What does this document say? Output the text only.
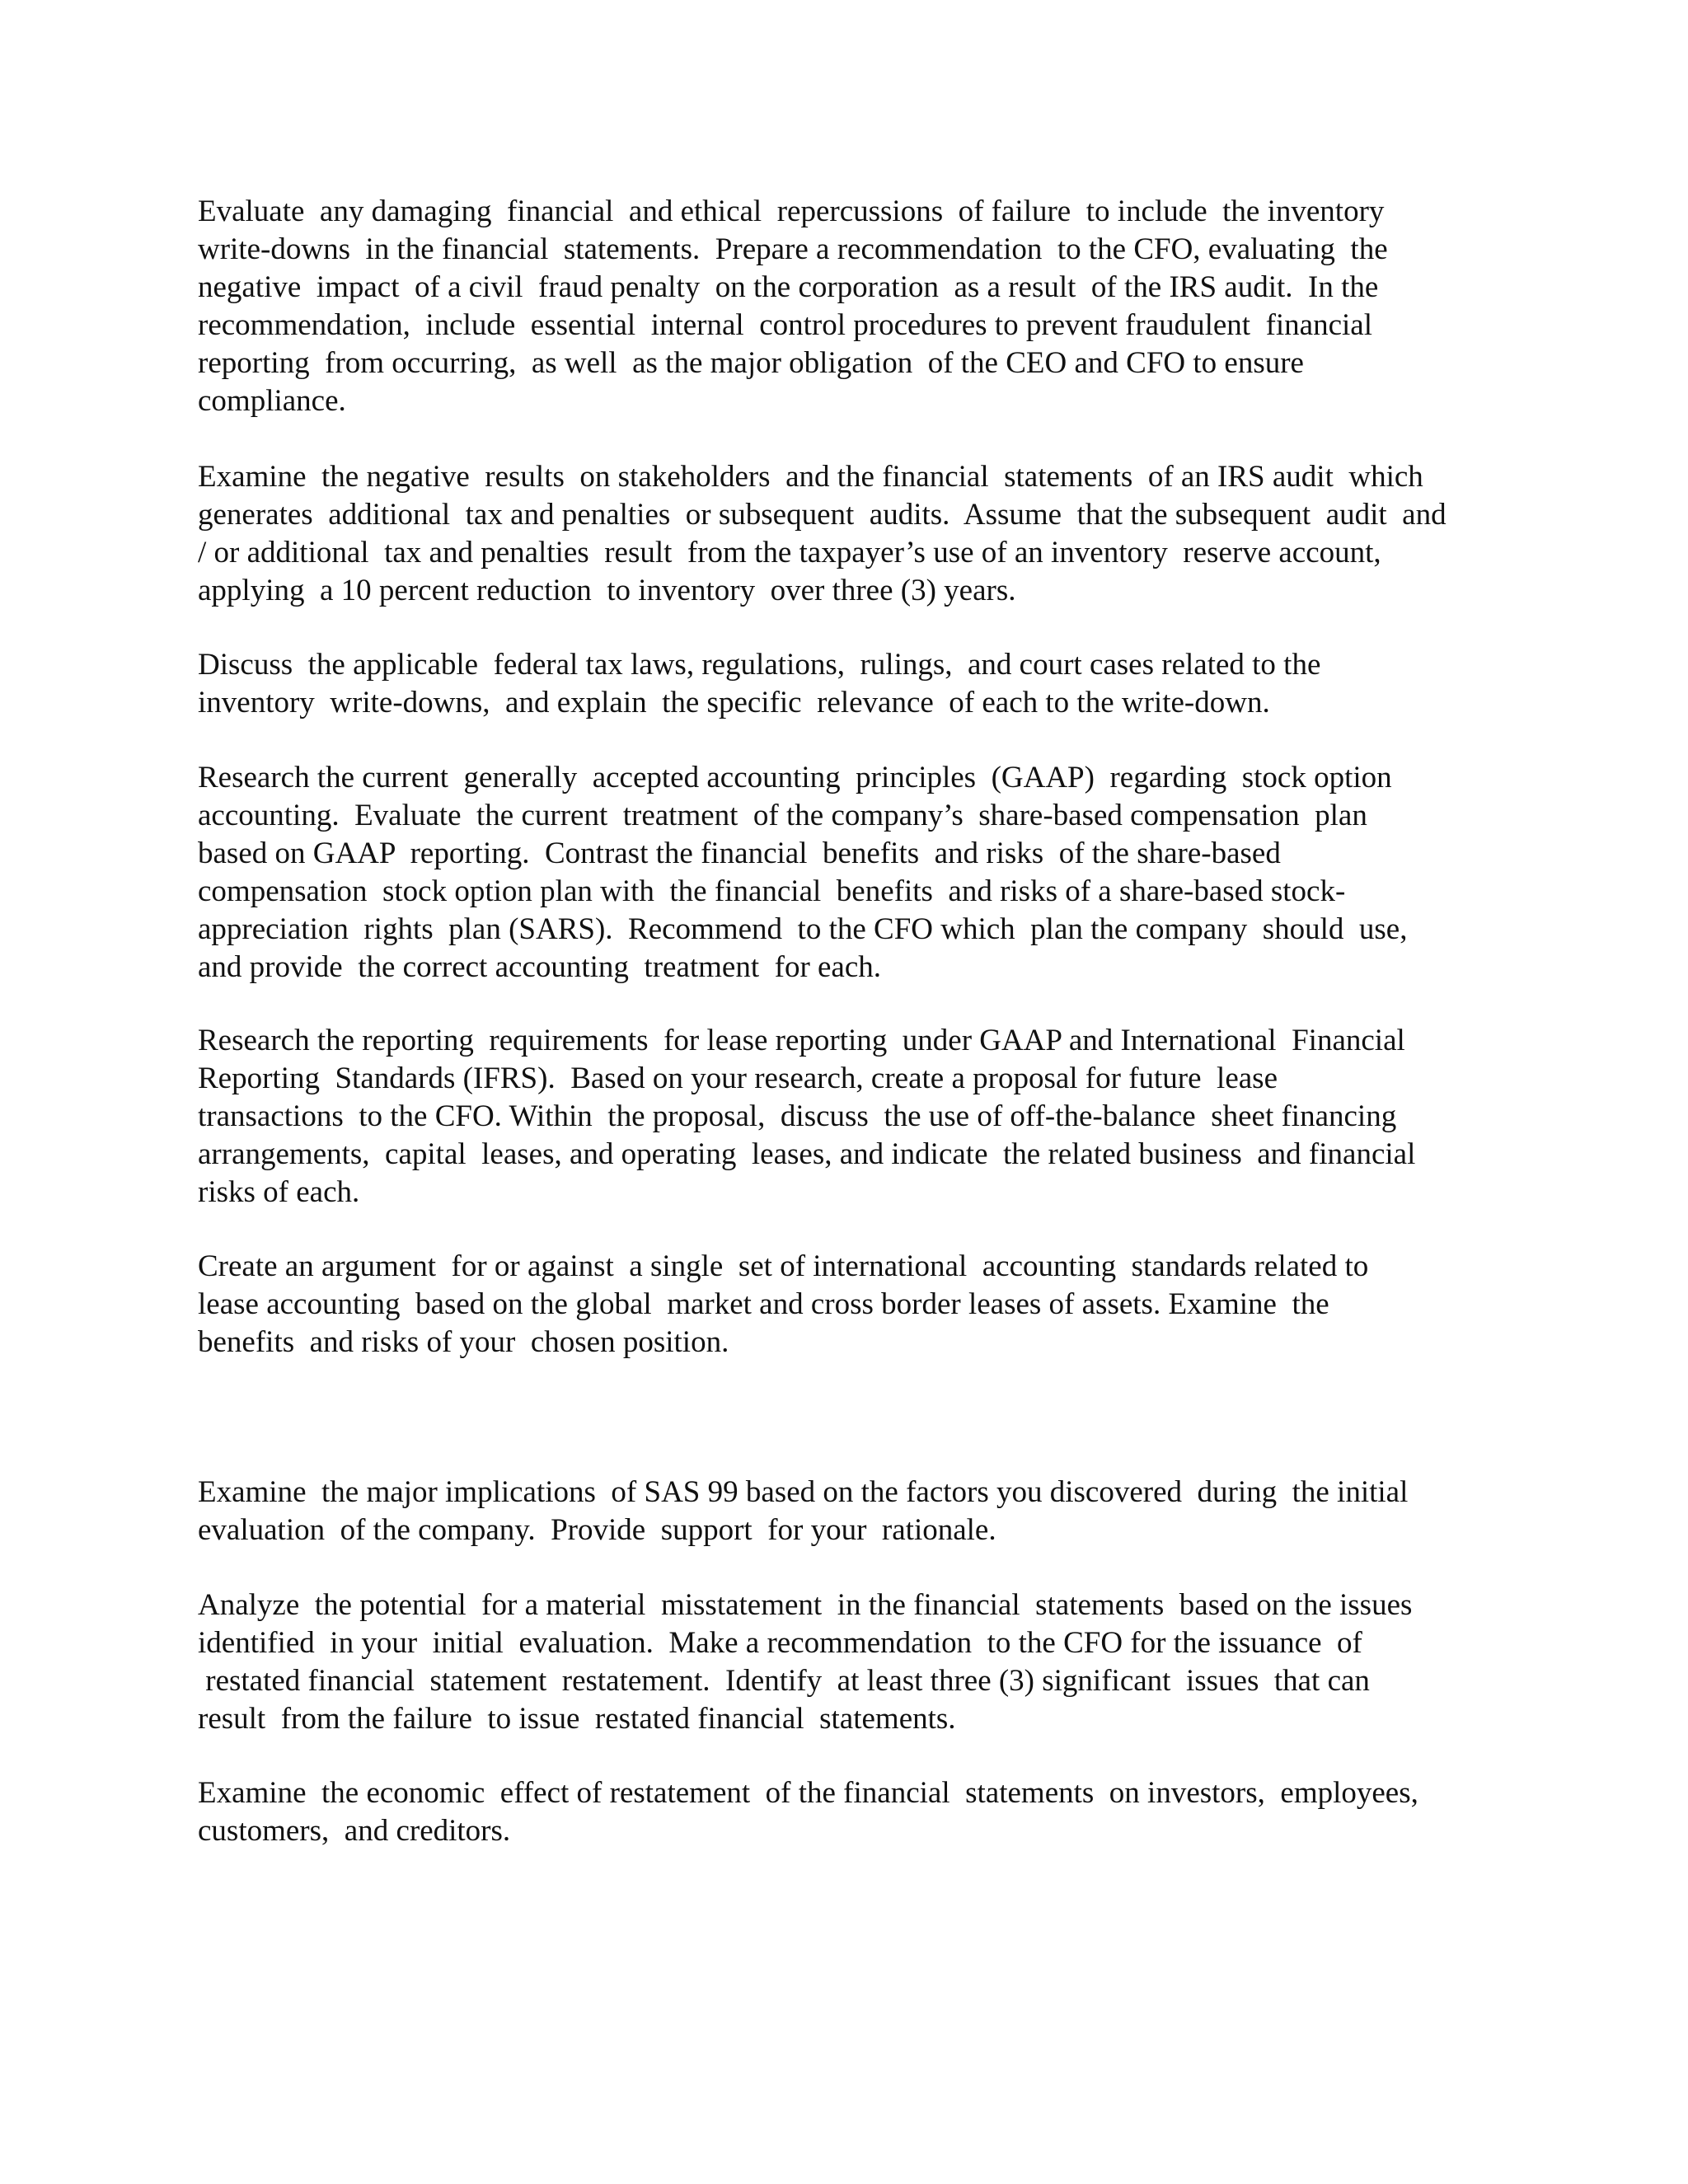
Evaluate  any damaging  financial  and ethical  repercussions  of failure  to include  the inventory
write-downs  in the financial  statements.  Prepare a recommendation  to the CFO, evaluating  the
negative  impact  of a civil  fraud penalty  on the corporation  as a result  of the IRS audit.  In the
recommendation,  include  essential  internal  control procedures to prevent fraudulent  financial
reporting  from occurring,  as well  as the major obligation  of the CEO and CFO to ensure
compliance.
Examine  the negative  results  on stakeholders  and the financial  statements  of an IRS audit  which
generates  additional  tax and penalties  or subsequent  audits.  Assume  that the subsequent  audit  and
/ or additional  tax and penalties  result  from the taxpayer’s use of an inventory  reserve account,
applying  a 10 percent reduction  to inventory  over three (3) years.
Discuss  the applicable  federal tax laws, regulations,  rulings,  and court cases related to the
inventory  write-downs,  and explain  the specific  relevance  of each to the write-down.
Research the current  generally  accepted accounting  principles  (GAAP)  regarding  stock option
accounting.  Evaluate  the current  treatment  of the company’s  share-based compensation  plan
based on GAAP  reporting.  Contrast the financial  benefits  and risks  of the share-based
compensation  stock option plan with  the financial  benefits  and risks of a share-based stock-
appreciation  rights  plan (SARS).  Recommend  to the CFO which  plan the company  should  use,
and provide  the correct accounting  treatment  for each.
Research the reporting  requirements  for lease reporting  under GAAP and International  Financial
Reporting  Standards (IFRS).  Based on your research, create a proposal for future  lease
transactions  to the CFO. Within  the proposal,  discuss  the use of off-the-balance  sheet financing
arrangements,  capital  leases, and operating  leases, and indicate  the related business  and financial
risks of each.
Create an argument  for or against  a single  set of international  accounting  standards related to
lease accounting  based on the global  market and cross border leases of assets. Examine  the
benefits  and risks of your  chosen position.
Examine  the major implications  of SAS 99 based on the factors you discovered  during  the initial
evaluation  of the company.  Provide  support  for your  rationale.
Analyze  the potential  for a material  misstatement  in the financial  statements  based on the issues
identified  in your  initial  evaluation.  Make a recommendation  to the CFO for the issuance  of
restated financial  statement  restatement.  Identify  at least three (3) significant  issues  that can
result  from the failure  to issue  restated financial  statements.
Examine  the economic  effect of restatement  of the financial  statements  on investors,  employees,
customers,  and creditors.
